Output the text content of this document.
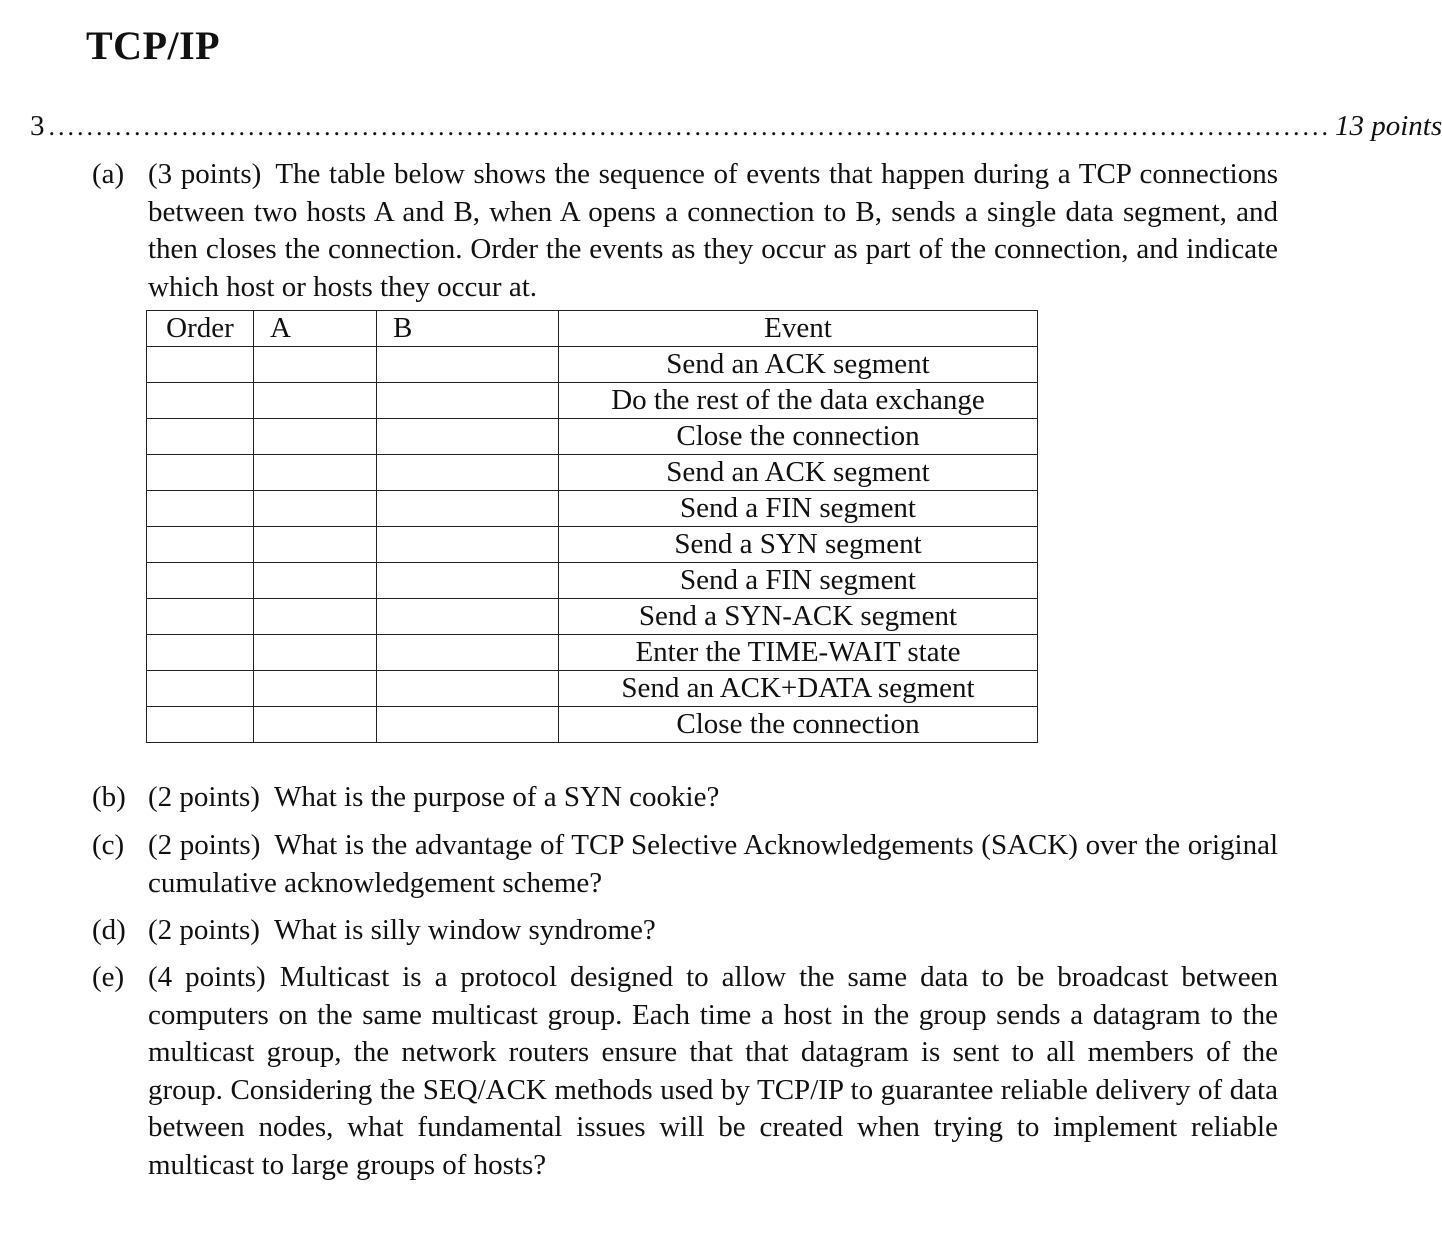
TCP/IP
3 ....................................................................................................................................... 13 points
(a) (3 points) The table below shows the sequence of events that happen during a TCP connections between two hosts A and B, when A opens a connection to B, sends a single data segment, and then closes the connection. Order the events as they occur as part of the connection, and indicate which host or hosts they occur at.
Order	A	B	Event
			Send an ACK segment
			Do the rest of the data exchange
			Close the connection
			Send an ACK segment
			Send a FIN segment
			Send a SYN segment
			Send a FIN segment
			Send a SYN-ACK segment
			Enter the TIME-WAIT state
			Send an ACK+DATA segment
			Close the connection
(b) (2 points) What is the purpose of a SYN cookie?
(c) (2 points) What is the advantage of TCP Selective Acknowledgements (SACK) over the original cumulative acknowledgement scheme?
(d) (2 points) What is silly window syndrome?
(e) (4 points) Multicast is a protocol designed to allow the same data to be broadcast between computers on the same multicast group. Each time a host in the group sends a datagram to the multicast group, the network routers ensure that that datagram is sent to all members of the group. Considering the SEQ/ACK methods used by TCP/IP to guarantee reliable delivery of data between nodes, what fundamental issues will be created when trying to implement reliable multicast to large groups of hosts?
